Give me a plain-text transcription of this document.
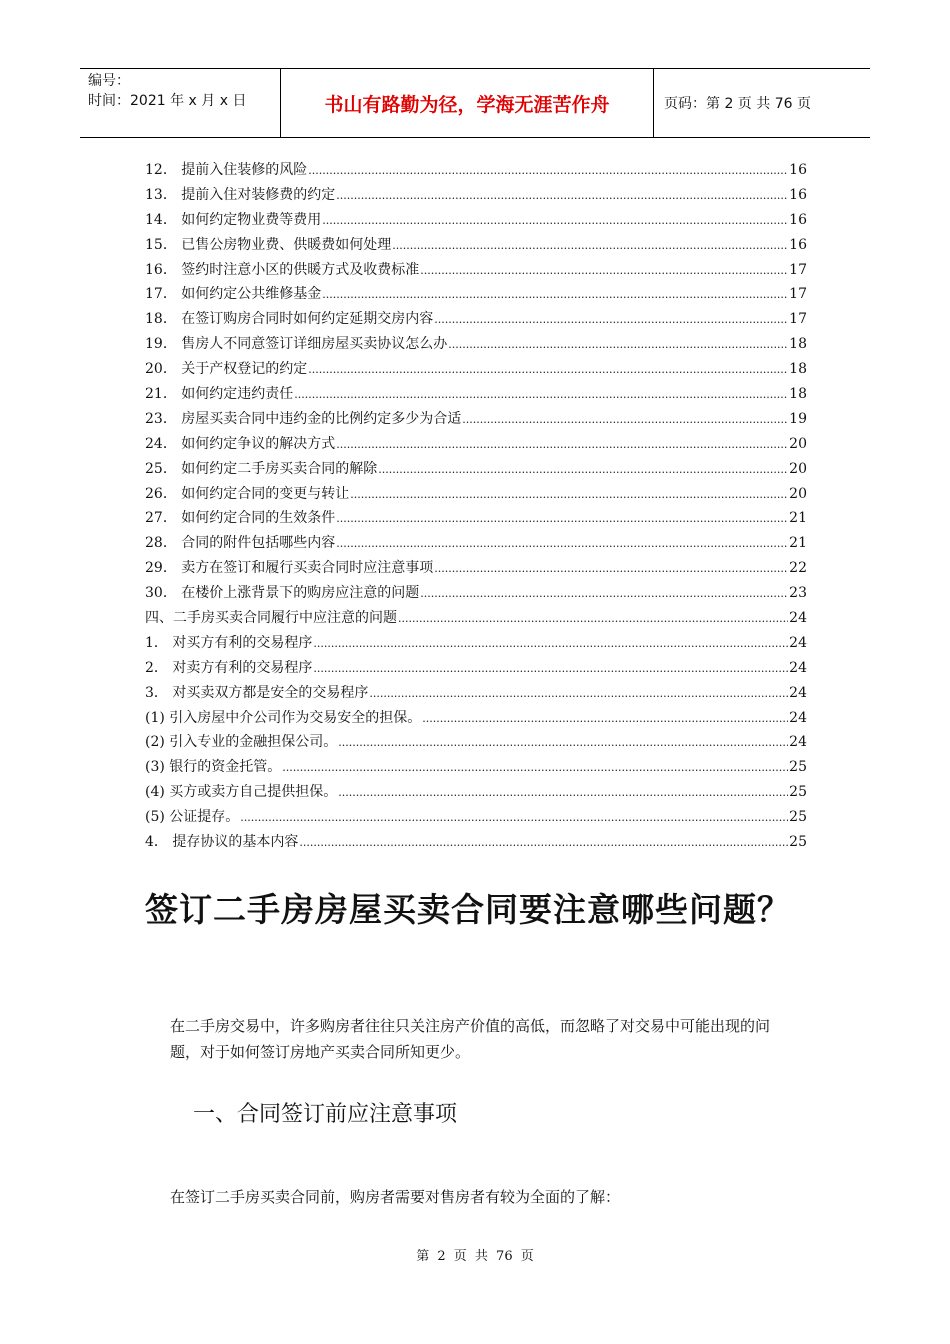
编号：
时间：2021 年 x 月 x 日	书山有路勤为径，学海无涯苦作舟	页码：第 2 页 共 76 页
12． 提前入住装修的风险 .....	16
13． 提前入住对装修费的约定 .....	16
14． 如何约定物业费等费用 .....	16
15． 已售公房物业费、供暖费如何处理 .....	16
16． 签约时注意小区的供暖方式及收费标准 .....	17
17． 如何约定公共维修基金 .....	17
18． 在签订购房合同时如何约定延期交房内容 .....	17
19． 售房人不同意签订详细房屋买卖协议怎么办 .....	18
20． 关于产权登记的约定 .....	18
21． 如何约定违约责任 .....	18
23． 房屋买卖合同中违约金的比例约定多少为合适 .....	19
24． 如何约定争议的解决方式 .....	20
25． 如何约定二手房买卖合同的解除 .....	20
26． 如何约定合同的变更与转让 .....	20
27． 如何约定合同的生效条件 .....	21
28． 合同的附件包括哪些内容 .....	21
29． 卖方在签订和履行买卖合同时应注意事项 .....	22
30． 在楼价上涨背景下的购房应注意的问题 .....	23
四、二手房买卖合同履行中应注意的问题 .....	24
1． 对买方有利的交易程序 .....	24
2． 对卖方有利的交易程序 .....	24
3． 对买卖双方都是安全的交易程序 .....	24
(1) 引入房屋中介公司作为交易安全的担保。 .....	24
(2) 引入专业的金融担保公司。 .....	24
(3) 银行的资金托管。 .....	25
(4) 买方或卖方自己提供担保。 .....	25
(5) 公证提存。 .....	25
4． 提存协议的基本内容 .....	25
签订二手房房屋买卖合同要注意哪些问题？

在二手房交易中，许多购房者往往只关注房产价值的高低，而忽略了对交易中可能出现的问题，对于如何签订房地产买卖合同所知更少。

一、合同签订前应注意事项

在签订二手房买卖合同前，购房者需要对售房者有较为全面的了解：

第 2 页 共 76 页
